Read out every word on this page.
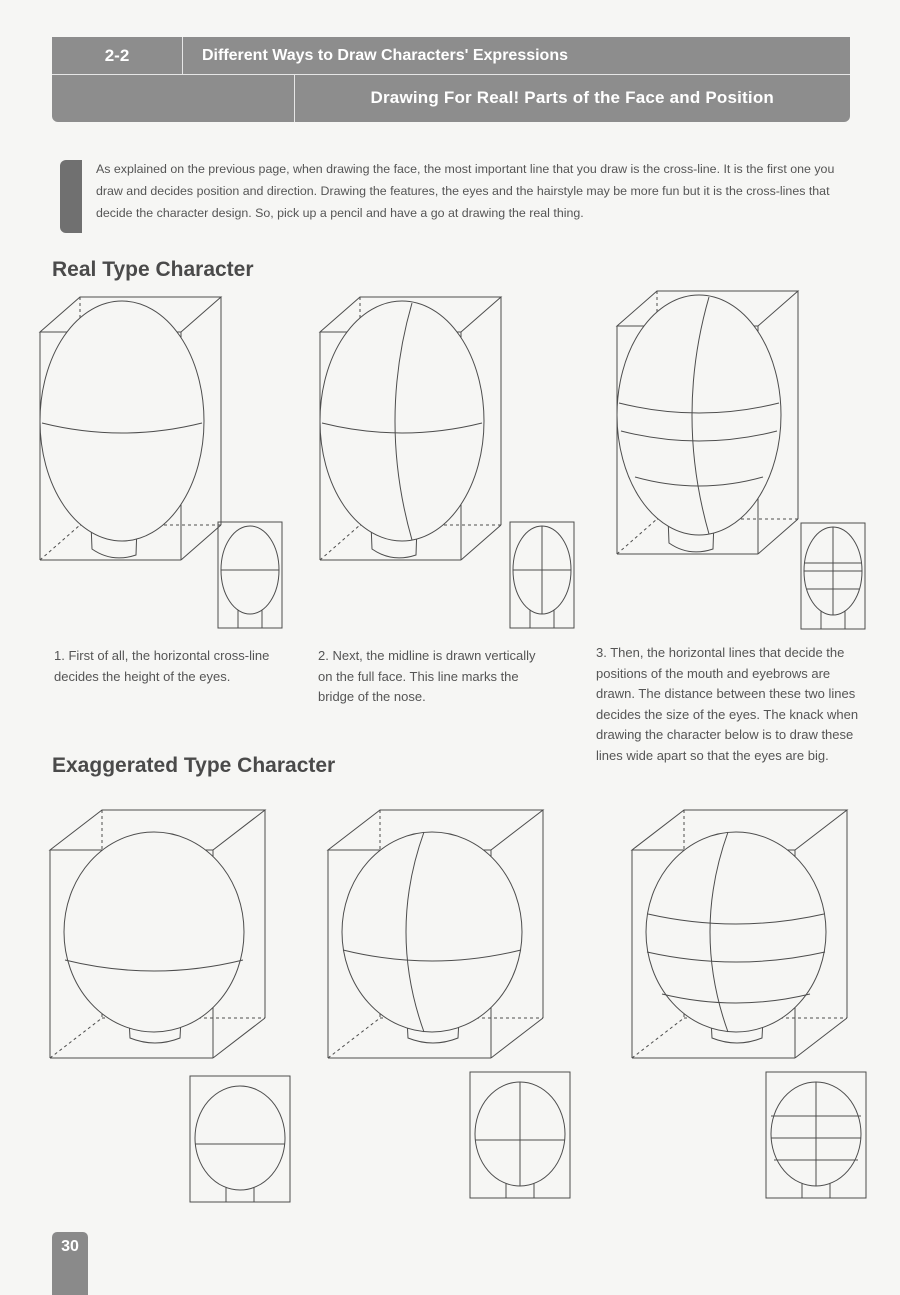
2-2	Different Ways to Draw Characters' Expressions
Drawing For Real! Parts of the Face and Position

As explained on the previous page, when drawing the face, the most important line that you draw is the cross-line. It is the first one you draw and decides position and direction. Drawing the features, the eyes and the hairstyle may be more fun but it is the cross-lines that decide the character design. So, pick up a pencil and have a go at drawing the real thing.

Real Type Character

1. First of all, the horizontal cross-line decides the height of the eyes.

2. Next, the midline is drawn vertically on the full face. This line marks the bridge of the nose.

3. Then, the horizontal lines that decide the positions of the mouth and eyebrows are drawn. The distance between these two lines decides the size of the eyes. The knack when drawing the character below is to draw these lines wide apart so that the eyes are big.

Exaggerated Type Character
30
